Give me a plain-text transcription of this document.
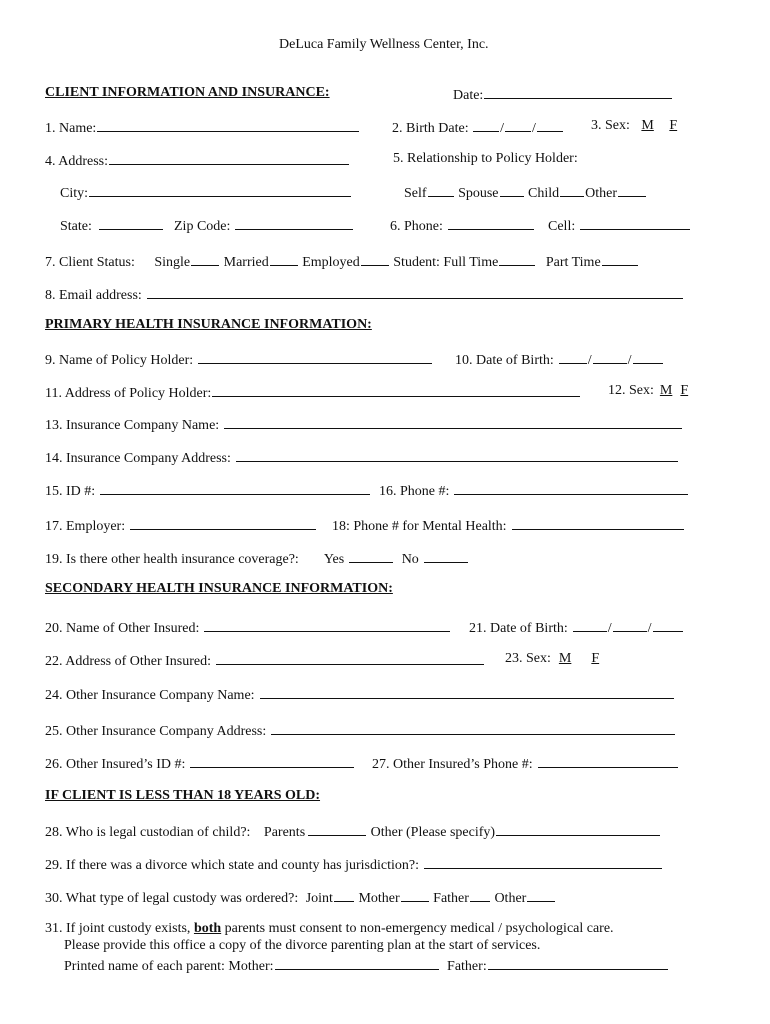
DeLuca Family Wellness Center, Inc.
CLIENT INFORMATION AND INSURANCE:	Date:
1. Name:	2. Birth Date: / /	3. Sex: M F
4. Address:	5. Relationship to Policy Holder:
City:	Self Spouse Child Other
State:	Zip Code:	6. Phone:	Cell:
7. Client Status: Single Married Employed Student: Full Time	Part Time
8. Email address:
PRIMARY HEALTH INSURANCE INFORMATION:
9. Name of Policy Holder:	10. Date of Birth: /	/
11. Address of Policy Holder:	12. Sex: M F
13. Insurance Company Name:
14. Insurance Company Address:
15. ID #:	16. Phone #:
17. Employer:	18: Phone # for Mental Health:
19. Is there other health insurance coverage?: Yes	No
SECONDARY HEALTH INSURANCE INFORMATION:
20. Name of Other Insured:	21. Date of Birth:	/	/
22. Address of Other Insured:	23. Sex: M F
24. Other Insurance Company Name:
25. Other Insurance Company Address:
26. Other Insured’s ID #:	27. Other Insured’s Phone #:
IF CLIENT IS LESS THAN 18 YEARS OLD:
28. Who is legal custodian of child?: Parents	Other (Please specify)
29. If there was a divorce which state and county has jurisdiction?:
30. What type of legal custody was ordered?: Joint Mother Father Other
31. If joint custody exists, both parents must consent to non-emergency medical / psychological care.
Please provide this office a copy of the divorce parenting plan at the start of services.
Printed name of each parent: Mother:	Father:
